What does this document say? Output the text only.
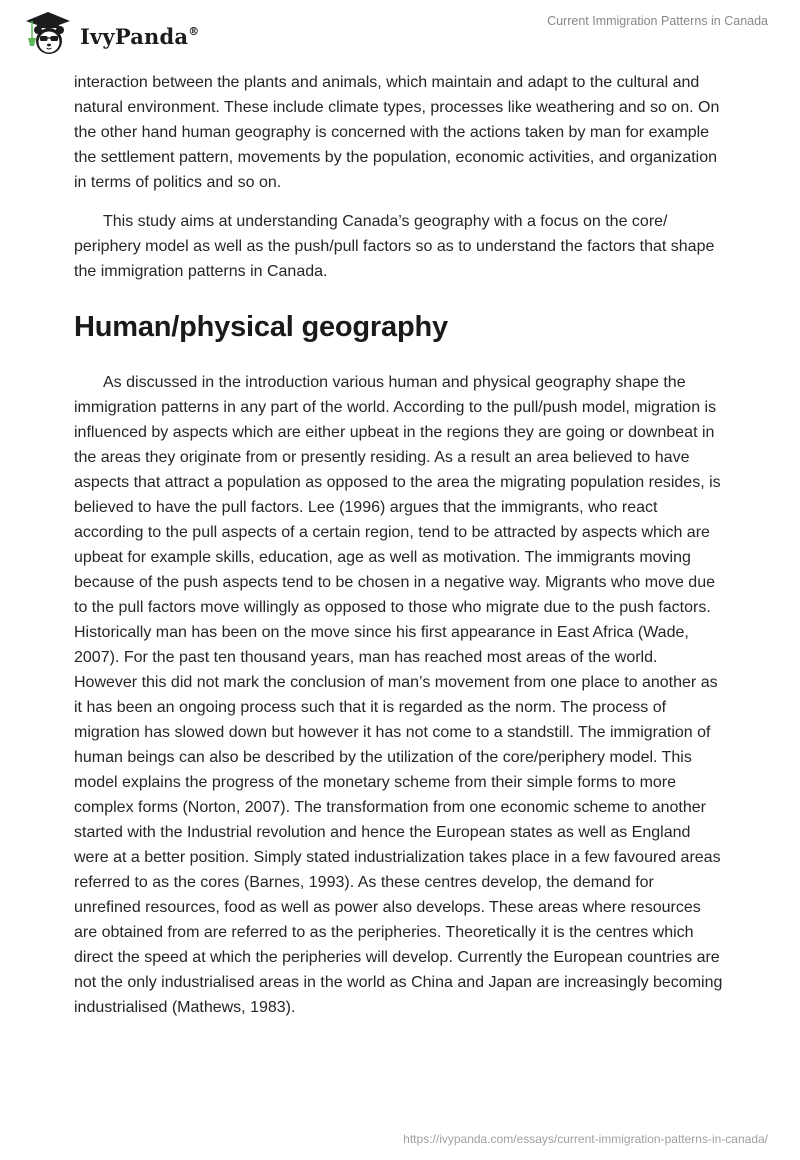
IvyPanda®
Current Immigration Patterns in Canada

interaction between the plants and animals, which maintain and adapt to the cultural and natural environment. These include climate types, processes like weathering and so on. On the other hand human geography is concerned with the actions taken by man for example the settlement pattern, movements by the population, economic activities, and organization in terms of politics and so on.

This study aims at understanding Canada’s geography with a focus on the core/ periphery model as well as the push/pull factors so as to understand the factors that shape the immigration patterns in Canada.

Human/physical geography

As discussed in the introduction various human and physical geography shape the immigration patterns in any part of the world. According to the pull/push model, migration is influenced by aspects which are either upbeat in the regions they are going or downbeat in the areas they originate from or presently residing. As a result an area believed to have aspects that attract a population as opposed to the area the migrating population resides, is believed to have the pull factors. Lee (1996) argues that the immigrants, who react according to the pull aspects of a certain region, tend to be attracted by aspects which are upbeat for example skills, education, age as well as motivation. The immigrants moving because of the push aspects tend to be chosen in a negative way. Migrants who move due to the pull factors move willingly as opposed to those who migrate due to the push factors. Historically man has been on the move since his first appearance in East Africa (Wade, 2007). For the past ten thousand years, man has reached most areas of the world. However this did not mark the conclusion of man’s movement from one place to another as it has been an ongoing process such that it is regarded as the norm. The process of migration has slowed down but however it has not come to a standstill. The immigration of human beings can also be described by the utilization of the core/periphery model. This model explains the progress of the monetary scheme from their simple forms to more complex forms (Norton, 2007). The transformation from one economic scheme to another started with the Industrial revolution and hence the European states as well as England were at a better position. Simply stated industrialization takes place in a few favoured areas referred to as the cores (Barnes, 1993). As these centres develop, the demand for unrefined resources, food as well as power also develops. These areas where resources are obtained from are referred to as the peripheries. Theoretically it is the centres which direct the speed at which the peripheries will develop. Currently the European countries are not the only industrialised areas in the world as China and Japan are increasingly becoming industrialised (Mathews, 1983).

https://ivypanda.com/essays/current-immigration-patterns-in-canada/
